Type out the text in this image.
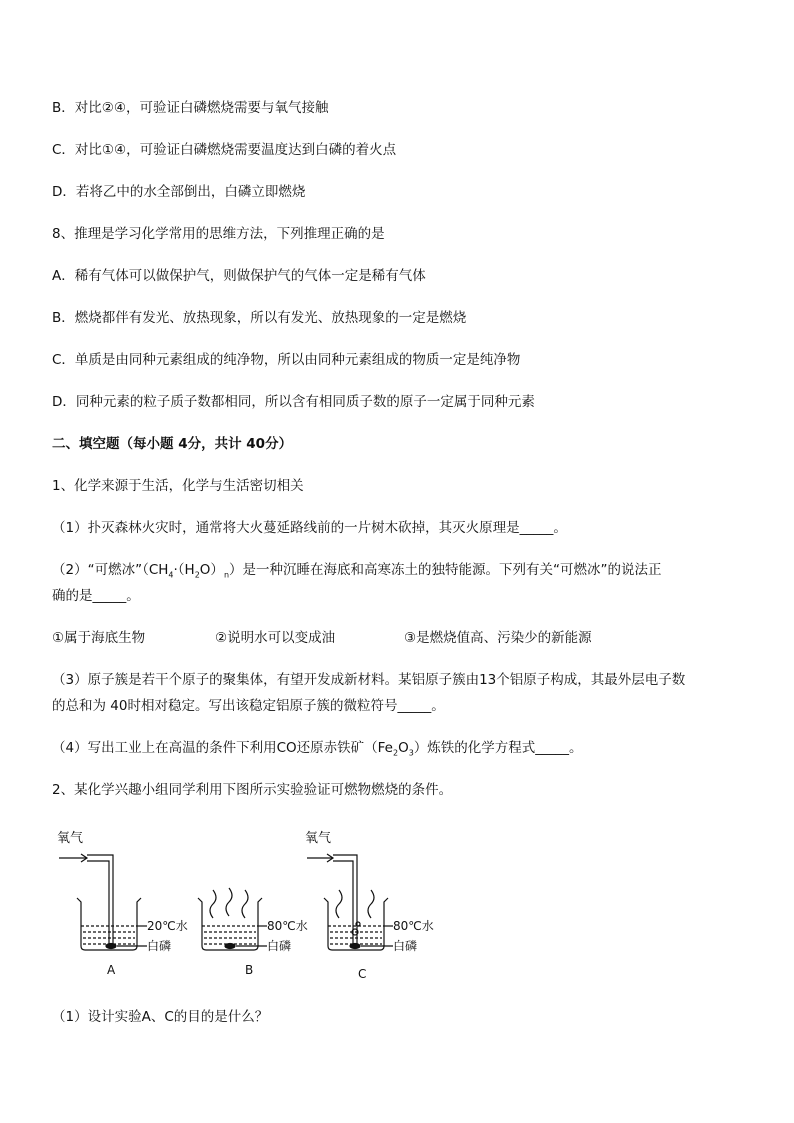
B．对比②④，可验证白磷燃烧需要与氧气接触
C．对比①④，可验证白磷燃烧需要温度达到白磷的着火点
D．若将乙中的水全部倒出，白磷立即燃烧
8、推理是学习化学常用的思维方法，下列推理正确的是
A．稀有气体可以做保护气，则做保护气的气体一定是稀有气体
B．燃烧都伴有发光、放热现象，所以有发光、放热现象的一定是燃烧
C．单质是由同种元素组成的纯净物，所以由同种元素组成的物质一定是纯净物
D．同种元素的粒子质子数都相同，所以含有相同质子数的原子一定属于同种元素
二、填空题（每小题 4分，共计 40分）
1、化学来源于生活，化学与生活密切相关
（1）扑灭森林火灾时，通常将大火蔓延路线前的一片树木砍掉，其灭火原理是_____。
（2）“可燃冰$”(CH_4\cdot(H_2O)_n)$是一种沉睡在海底和高寒冻土的独特能源。下列有关“可燃冰”的说法正
确的是_____。
①属于海底生物	②说明水可以变成油	③是燃烧值高、污染少的新能源
（3）原子簇是若干个原子的聚集体，有望开发成新材料。某铝原子簇由13个铝原子构成，其最外层电子数
的总和为 40时相对稳定。写出该稳定铝原子簇的微粒符号_____。
（4）写出工业上在高温的条件下利用CO还原赤铁矿$(Fe_2O_3)$炼铁的化学方程式_____。
2、某化学兴趣小组同学利用下图所示实验验证可燃物燃烧的条件。
氧气
20℃水
白磷
A
80℃水
白磷
B
氧气
80℃水
白磷
C
（1）设计实验A、C的目的是什么？
